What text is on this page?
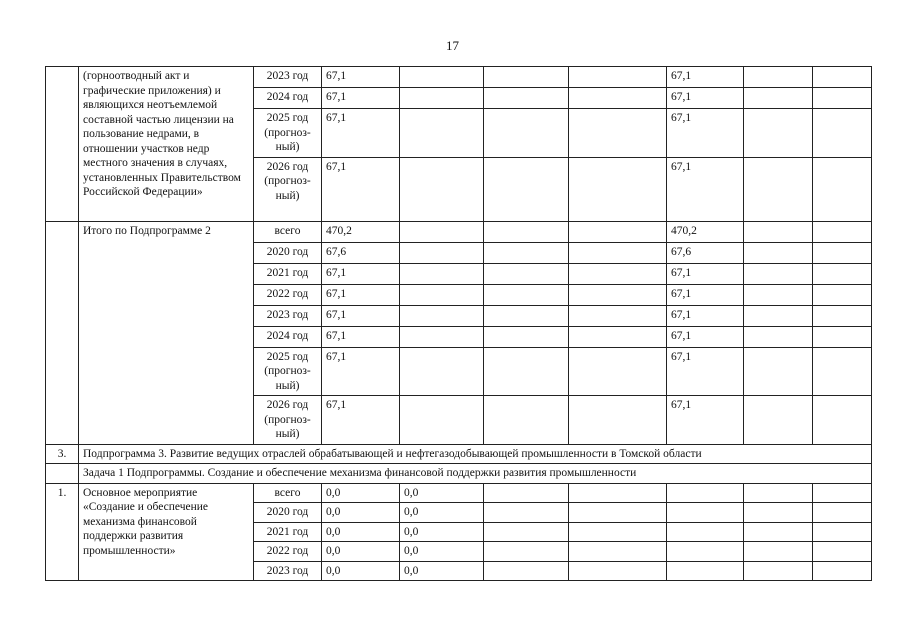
17
	(горноотводный акт и графические приложения) и являющихся неотъемлемой составной частью лицензии на пользование недрами, в отношении участков недр местного значения в случаях, установленных Правительством Российской Федерации»	2023 год	67,1				67,1		
		2024 год	67,1				67,1		
		2025 год (прогноз- ный)	67,1				67,1		
		2026 год (прогноз- ный)	67,1				67,1		
	Итого по Подпрограмме 2	всего	470,2				470,2		
		2020 год	67,6				67,6		
		2021 год	67,1				67,1		
		2022 год	67,1				67,1		
		2023 год	67,1				67,1		
		2024 год	67,1				67,1		
		2025 год (прогноз- ный)	67,1				67,1		
		2026 год (прогноз- ный)	67,1				67,1		
3.	Подпрограмма 3. Развитие ведущих отраслей обрабатывающей и нефтегазодобывающей промышленности в Томской области								
	Задача 1 Подпрограммы. Создание и обеспечение механизма финансовой поддержки развития промышленности								
1.	Основное мероприятие «Создание и обеспечение механизма финансовой поддержки развития промышленности»	всего	0,0	0,0					
		2020 год	0,0	0,0					
		2021 год	0,0	0,0					
		2022 год	0,0	0,0					
		2023 год	0,0	0,0					
